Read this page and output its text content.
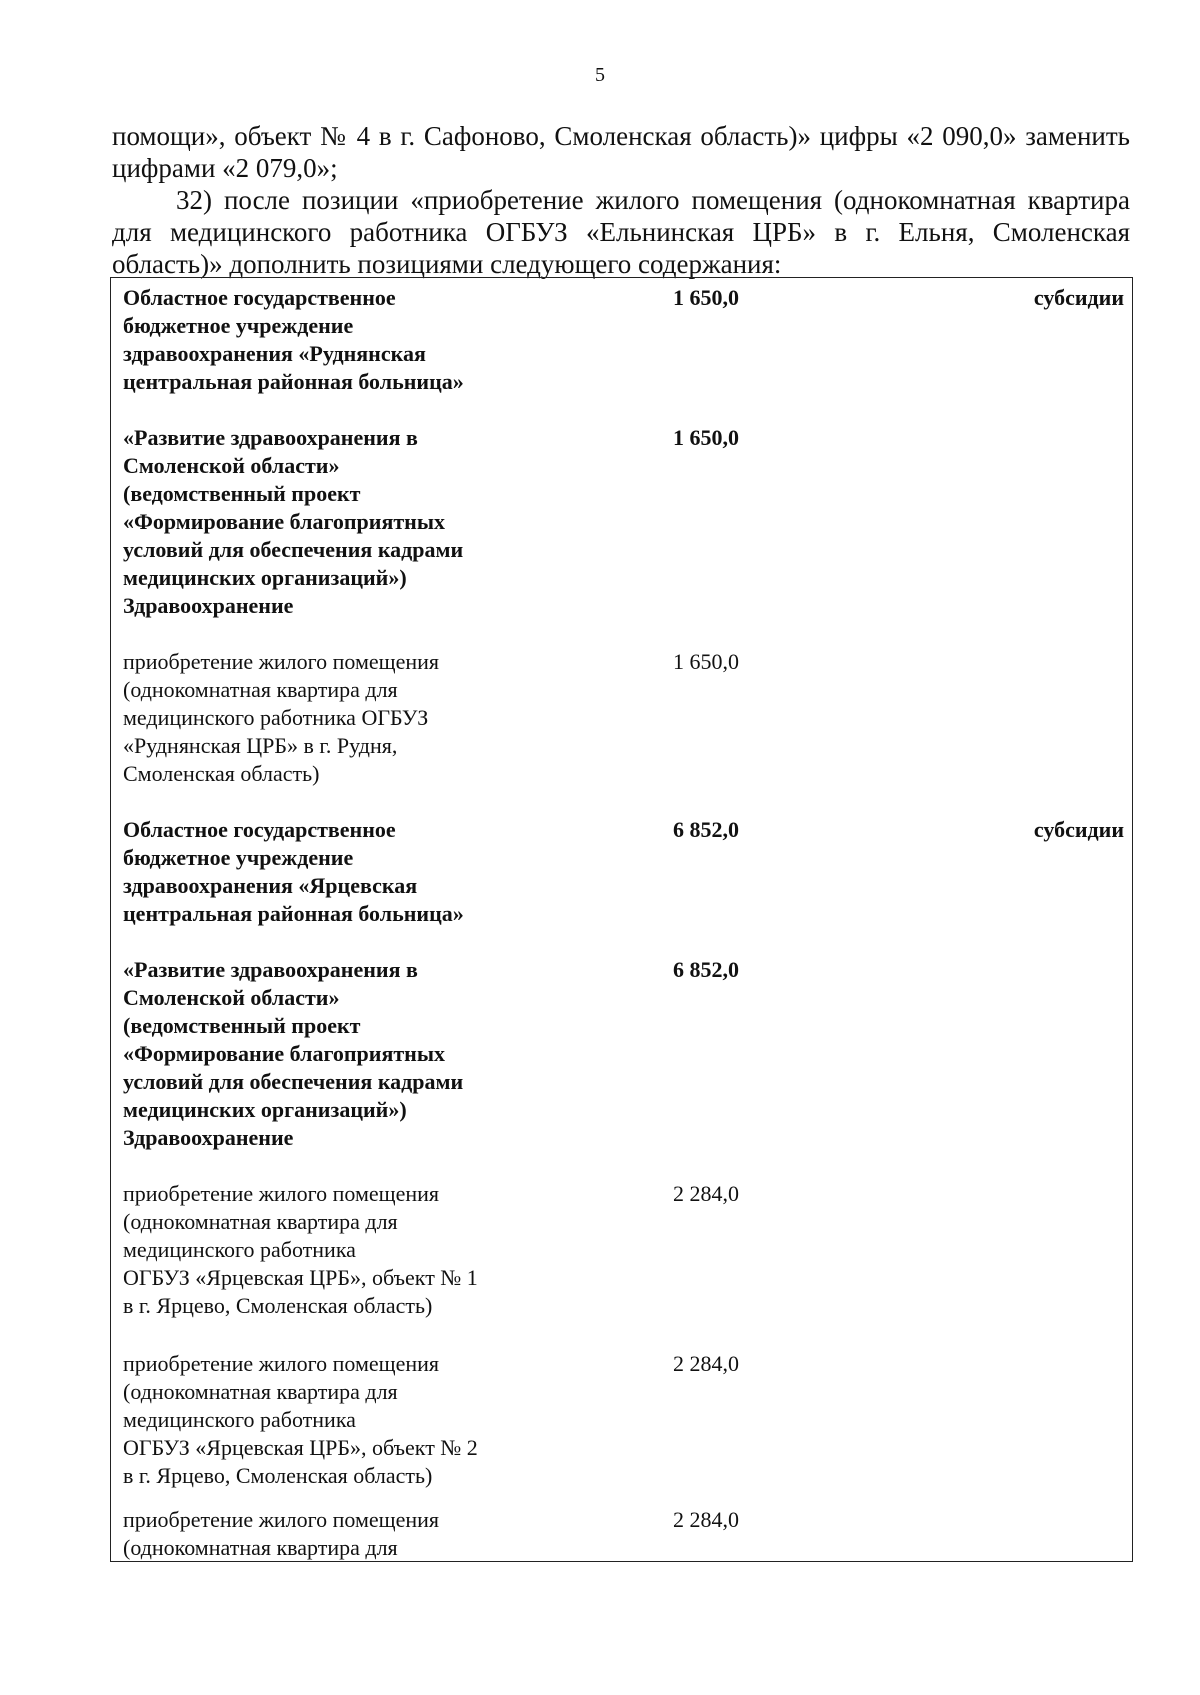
5

помощи», объект № 4 в г. Сафоново, Смоленская область)» цифры «2 090,0» заменить цифрами «2 079,0»;

32) после позиции «приобретение жилого помещения (однокомнатная квартира для медицинского работника ОГБУЗ «Ельнинская ЦРБ» в г. Ельня, Смоленская область)» дополнить позициями следующего содержания:

Областное государственное
бюджетное учреждение
здравоохранения «Руднянская
центральная районная больница»
1 650,0	субсидии
«Развитие здравоохранения в
Смоленской области»
(ведомственный проект
«Формирование благоприятных
условий для обеспечения кадрами
медицинских организаций»)
Здравоохранение
1 650,0
приобретение жилого помещения
(однокомнатная квартира для
медицинского работника ОГБУЗ
«Руднянская ЦРБ» в г. Рудня,
Смоленская область)
1 650,0
Областное государственное
бюджетное учреждение
здравоохранения «Ярцевская
центральная районная больница»
6 852,0	субсидии
«Развитие здравоохранения в
Смоленской области»
(ведомственный проект
«Формирование благоприятных
условий для обеспечения кадрами
медицинских организаций»)
Здравоохранение
6 852,0
приобретение жилого помещения
(однокомнатная квартира для
медицинского работника
ОГБУЗ «Ярцевская ЦРБ», объект № 1
в г. Ярцево, Смоленская область)
2 284,0
приобретение жилого помещения
(однокомнатная квартира для
медицинского работника
ОГБУЗ «Ярцевская ЦРБ», объект № 2
в г. Ярцево, Смоленская область)
2 284,0
приобретение жилого помещения
(однокомнатная квартира для
2 284,0
